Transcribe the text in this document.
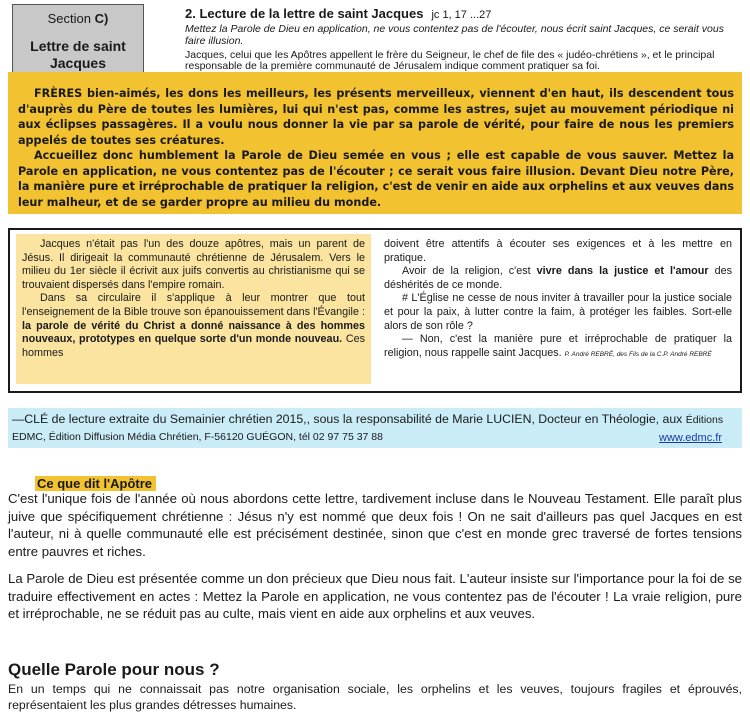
Section C)
Lettre de saint
Jacques
2. Lecture de la lettre de saint Jacques jc 1, 17 ...27
Mettez la Parole de Dieu en application, ne vous contentez pas de l'écouter, nous écrit saint Jacques, ce serait vous faire illusion.
Jacques, celui que les Apôtres appellent le frère du Seigneur, le chef de file des « judéo-chrétiens », et le principal responsable de la première communauté de Jérusalem indique comment pratiquer sa foi.

FRÈRES bien-aimés, les dons les meilleurs, les présents merveilleux, viennent d'en haut, ils descendent tous d'auprès du Père de toutes les lumières, lui qui n'est pas, comme les astres, sujet au mouvement périodique ni aux éclipses passagères. Il a voulu nous donner la vie par sa parole de vérité, pour faire de nous les premiers appelés de toutes ses créatures.

Accueillez donc humblement la Parole de Dieu semée en vous ; elle est capable de vous sauver. Mettez la Parole en application, ne vous contentez pas de l'écouter ; ce serait vous faire illusion. Devant Dieu notre Père, la manière pure et irréprochable de pratiquer la religion, c'est de venir en aide aux orphelins et aux veuves dans leur malheur, et de se garder propre au milieu du monde.

Jacques n'était pas l'un des douze apôtres, mais un parent de Jésus. Il dirigeait la communauté chrétienne de Jérusalem. Vers le milieu du 1er siècle il écrivit aux juifs convertis au christianisme qui se trouvaient dispersés dans l'empire romain.

Dans sa circulaire il s'applique à leur montrer que tout l'enseignement de la Bible trouve son épanouissement dans l'Évangile : la parole de vérité du Christ a donné naissance à des hommes nouveaux, prototypes en quelque sorte d'un monde nouveau. Ces hommes

doivent être attentifs à écouter ses exigences et à les mettre en pratique.

Avoir de la religion, c'est vivre dans la justice et l'amour des déshérités de ce monde.

# L'Église ne cesse de nous inviter à travailler pour la justice sociale et pour la paix, à lutter contre la faim, à protéger les faibles. Sort-elle alors de son rôle ?

— Non, c'est la manière pure et irréprochable de pratiquer la religion, nous rappelle saint Jacques. P. André REBRÉ, des Fils de la C.P. André REBRÉ

—CLÉ de lecture extraite du Semainier chrétien 2015,, sous la responsabilité de Marie LUCIEN, Docteur en Théologie, aux Éditions EDMC, Édition Diffusion Média Chrétien, F-56120 GUÉGON, tél 02 97 75 37 88	www.edmc.fr
Ce que dit l'Apôtre
C'est l'unique fois de l'année où nous abordons cette lettre, tardivement incluse dans le Nouveau Testament. Elle paraît plus juive que spécifiquement chrétienne : Jésus n'y est nommé que deux fois ! On ne sait d'ailleurs pas quel Jacques en est l'auteur, ni à quelle communauté elle est précisément destinée, sinon que c'est en monde grec traversé de fortes tensions entre pauvres et riches.
La Parole de Dieu est présentée comme un don précieux que Dieu nous fait. L'auteur insiste sur l'importance pour la foi de se traduire effectivement en actes : Mettez la Parole en application, ne vous contentez pas de l'écouter ! La vraie religion, pure et irréprochable, ne se réduit pas au culte, mais vient en aide aux orphelins et aux veuves.
Quelle Parole pour nous ?
En un temps qui ne connaissait pas notre organisation sociale, les orphelins et les veuves, toujours fragiles et éprouvés, représentaient les plus grandes détresses humaines.
